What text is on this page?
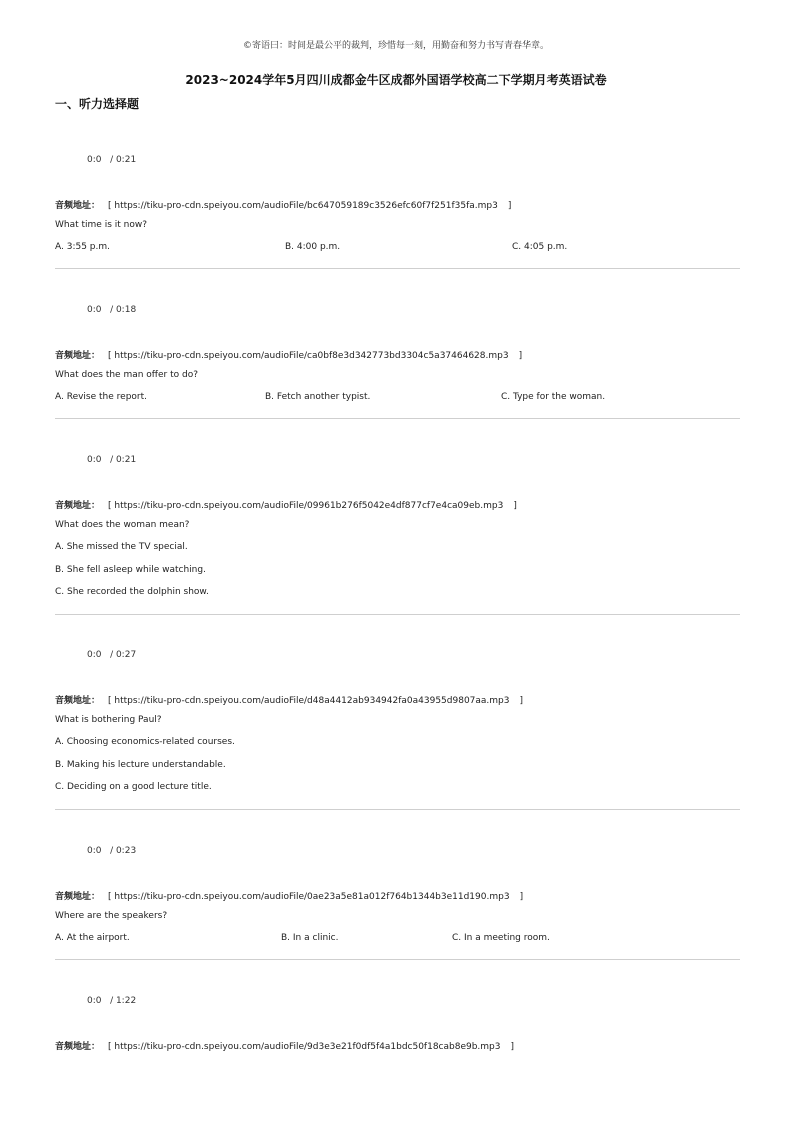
©寄语曰：时间是最公平的裁判，珍惜每一刻，用勤奋和努力书写青春华章。
2023~2024学年5月四川成都金牛区成都外国语学校高二下学期月考英语试卷
一、听力选择题
0:0   / 0:21
音频地址： [ https://tiku-pro-cdn.speiyou.com/audioFile/bc647059189c3526efc60f7f251f35fa.mp3 ]
What time is it now?
A. 3:55 p.m.	B. 4:00 p.m.	C. 4:05 p.m.
0:0   / 0:18
音频地址： [ https://tiku-pro-cdn.speiyou.com/audioFile/ca0bf8e3d342773bd3304c5a37464628.mp3 ]
What does the man offer to do?
A. Revise the report.	B. Fetch another typist.	C. Type for the woman.
0:0   / 0:21
音频地址： [ https://tiku-pro-cdn.speiyou.com/audioFile/09961b276f5042e4df877cf7e4ca09eb.mp3 ]
What does the woman mean?
A. She missed the TV special.
B. She fell asleep while watching.
C. She recorded the dolphin show.
0:0   / 0:27
音频地址： [ https://tiku-pro-cdn.speiyou.com/audioFile/d48a4412ab934942fa0a43955d9807aa.mp3 ]
What is bothering Paul?
A. Choosing economics-related courses.
B. Making his lecture understandable.
C. Deciding on a good lecture title.
0:0   / 0:23
音频地址： [ https://tiku-pro-cdn.speiyou.com/audioFile/0ae23a5e81a012f764b1344b3e11d190.mp3 ]
Where are the speakers?
A. At the airport.	B. In a clinic.	C. In a meeting room.
0:0   / 1:22
音频地址： [ https://tiku-pro-cdn.speiyou.com/audioFile/9d3e3e21f0df5f4a1bdc50f18cab8e9b.mp3 ]
